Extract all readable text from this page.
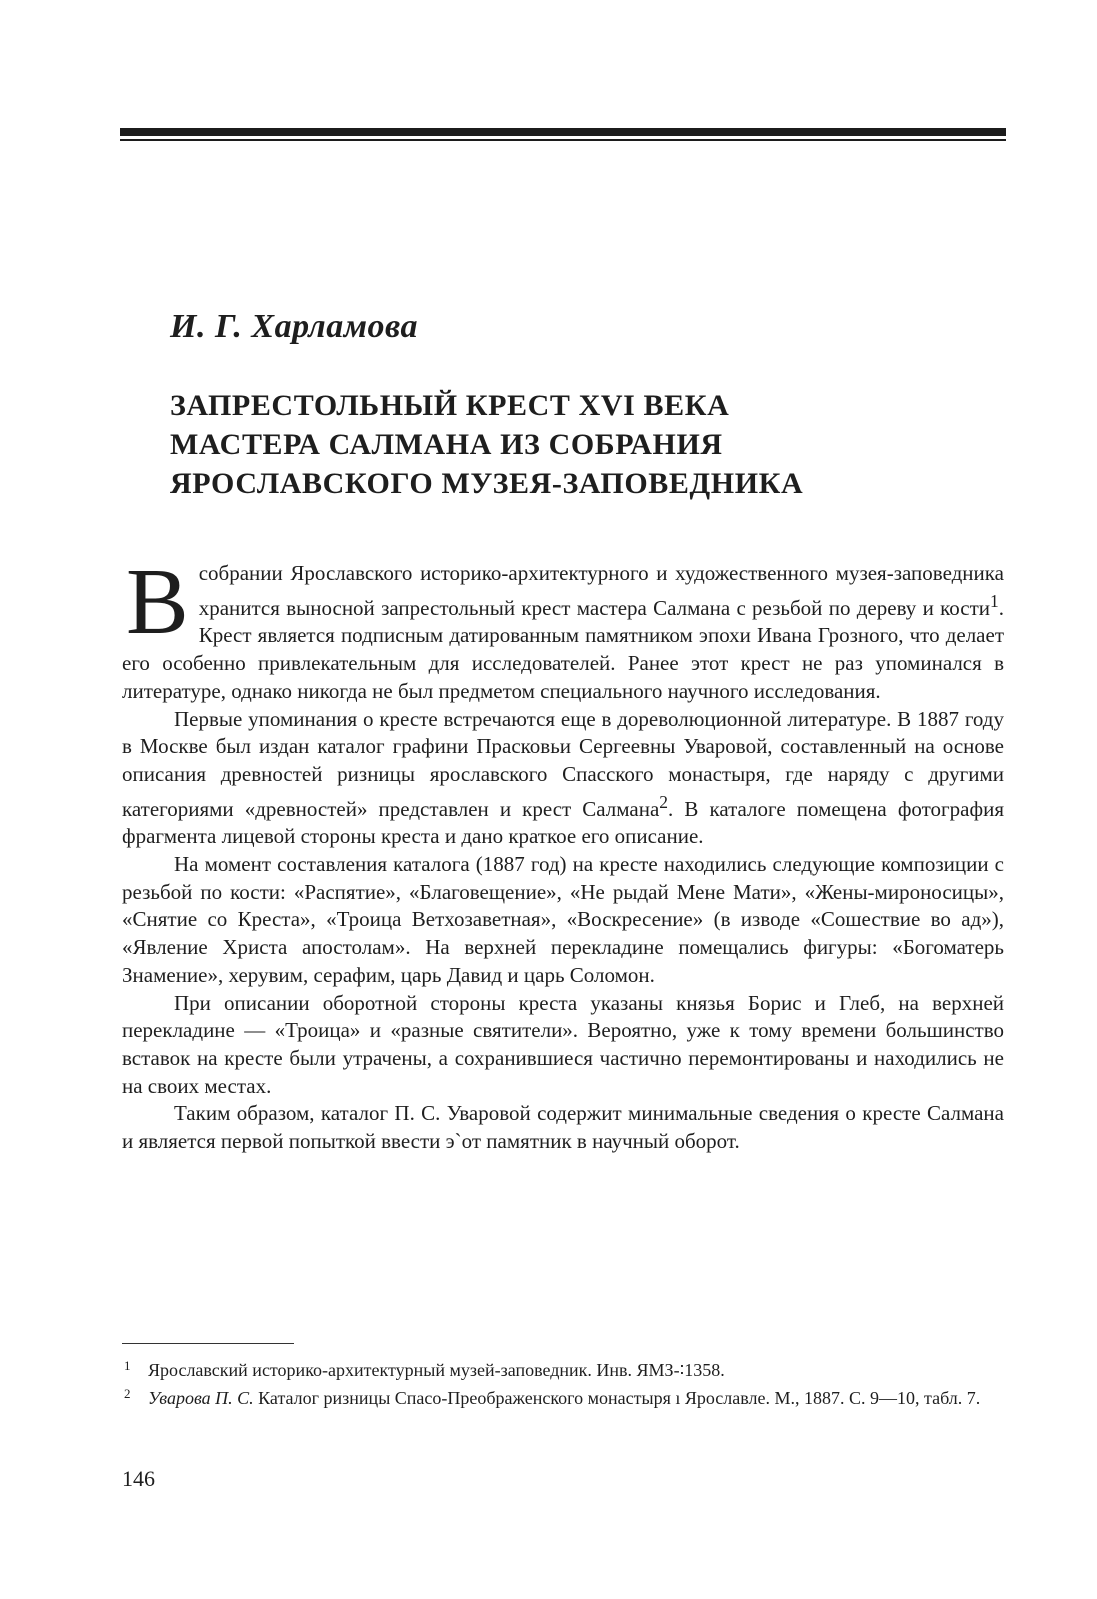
И. Г. Харламова
ЗАПРЕСТОЛЬНЫЙ КРЕСТ XVI ВЕКА
МАСТЕРА САЛМАНА ИЗ СОБРАНИЯ
ЯРОСЛАВСКОГО МУЗЕЯ-ЗАПОВЕДНИКА

В собрании Ярославского историко-архитектурного и художественного музея-заповедника хранится выносной запрестольный крест мастера Салмана с резьбой по дереву и кости$^1$. Крест является подписным датированным памятником эпохи Ивана Грозного, что делает его особенно привлекательным для исследователей. Ранее этот крест не раз упоминался в литературе, однако никогда не был предметом специального научного исследования.

Первые упоминания о кресте встречаются еще в дореволюционной литературе. В 1887 году в Москве был издан каталог графини Прасковьи Сергеевны Уваровой, составленный на основе описания древностей ризницы ярославского Спасского монастыря, где наряду с другими категориями «древностей» представлен и крест Салмана$^2$. В каталоге помещена фотография фрагмента лицевой стороны креста и дано краткое его описание.

На момент составления каталога (1887 год) на кресте находились следующие композиции с резьбой по кости: «Распятие», «Благовещение», «Не рыдай Мене Мати», «Жены-мироносицы», «Снятие со Креста», «Троица Ветхозаветная», «Воскресение» (в изводе «Сошествие во ад»), «Явление Христа апостолам». На верхней перекладине помещались фигуры: «Богоматерь Знамение», херувим, серафим, царь Давид и царь Соломон.

При описании оборотной стороны креста указаны князья Борис и Глеб, на верхней перекладине — «Троица» и «разные святители». Вероятно, уже к тому времени большинство вставок на кресте были утрачены, а сохранившиеся частично перемонтированы и находились не на своих местах.

Таким образом, каталог П. С. Уваровой содержит минимальные сведения о кресте Салмана и является первой попыткой ввести э`от памятник в научный оборот.

1 Ярославский историко-архитектурный музей-заповедник. Инв. ЯМЗ-∶1358.
2 Уварова П. С. Каталог ризницы Спасо-Преображенского монастыря ı Ярославле. М., 1887. С. 9—10, табл. 7.
146
